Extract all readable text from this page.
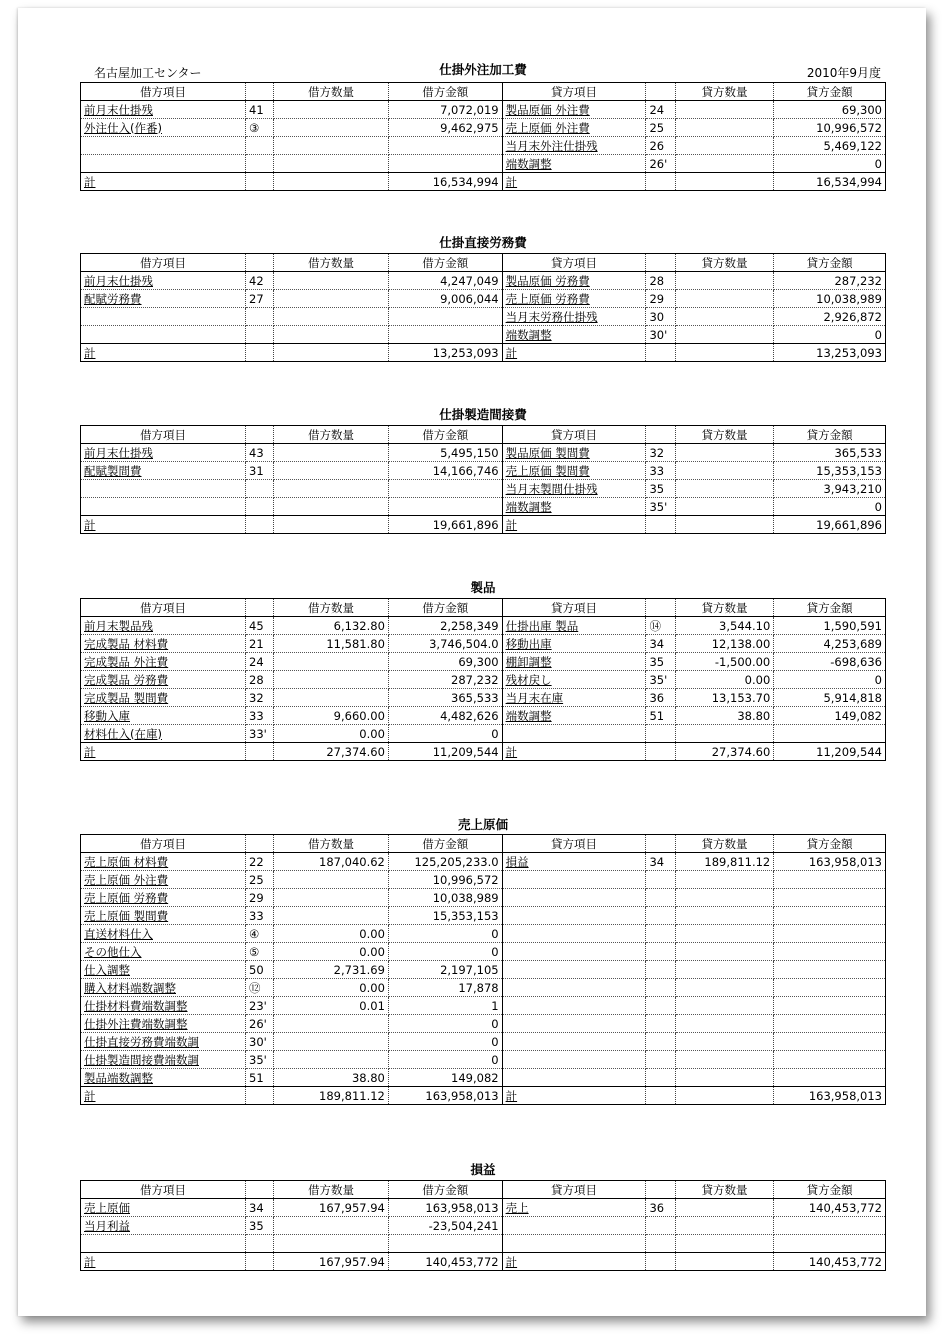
名古屋加工センター	2010年9月度
仕掛外注加工費
借方項目		借方数量	借方金額	貸方項目		貸方数量	貸方金額
前月末仕掛残	41		7,072,019	製品原価 外注費	24		69,300
外注仕入(作番)	③		9,462,975	売上原価 外注費	25		10,996,572
				当月末外注仕掛残	26		5,469,122
				端数調整	26'		0
計			16,534,994	計			16,534,994
仕掛直接労務費
借方項目		借方数量	借方金額	貸方項目		貸方数量	貸方金額
前月末仕掛残	42		4,247,049	製品原価 労務費	28		287,232
配賦労務費	27		9,006,044	売上原価 労務費	29		10,038,989
				当月末労務仕掛残	30		2,926,872
				端数調整	30'		0
計			13,253,093	計			13,253,093
仕掛製造間接費
借方項目		借方数量	借方金額	貸方項目		貸方数量	貸方金額
前月末仕掛残	43		5,495,150	製品原価 製間費	32		365,533
配賦製間費	31		14,166,746	売上原価 製間費	33		15,353,153
				当月末製間仕掛残	35		3,943,210
				端数調整	35'		0
計			19,661,896	計			19,661,896
製品
借方項目		借方数量	借方金額	貸方項目		貸方数量	貸方金額
前月末製品残	45	6,132.80	2,258,349	仕掛出庫 製品	⑭	3,544.10	1,590,591
完成製品 材料費	21	11,581.80	3,746,504.0	移動出庫	34	12,138.00	4,253,689
完成製品 外注費	24		69,300	棚卸調整	35	-1,500.00	-698,636
完成製品 労務費	28		287,232	残材戻し	35'	0.00	0
完成製品 製間費	32		365,533	当月末在庫	36	13,153.70	5,914,818
移動入庫	33	9,660.00	4,482,626	端数調整	51	38.80	149,082
材料仕入(在庫)	33'	0.00	0				
計		27,374.60	11,209,544	計		27,374.60	11,209,544
売上原価
借方項目		借方数量	借方金額	貸方項目		貸方数量	貸方金額
売上原価 材料費	22	187,040.62	125,205,233.0	損益	34	189,811.12	163,958,013
売上原価 外注費	25		10,996,572				
売上原価 労務費	29		10,038,989				
売上原価 製間費	33		15,353,153				
直送材料仕入	④	0.00	0				
その他仕入	⑤	0.00	0				
仕入調整	50	2,731.69	2,197,105				
購入材料端数調整	⑫	0.00	17,878				
仕掛材料費端数調整	23'	0.01	1				
仕掛外注費端数調整	26'		0				
仕掛直接労務費端数調	30'		0				
仕掛製造間接費端数調	35'		0				
製品端数調整	51	38.80	149,082				
計		189,811.12	163,958,013	計			163,958,013
損益
借方項目		借方数量	借方金額	貸方項目		貸方数量	貸方金額
売上原価	34	167,957.94	163,958,013	売上	36		140,453,772
当月利益	35		-23,504,241				

計		167,957.94	140,453,772	計			140,453,772
